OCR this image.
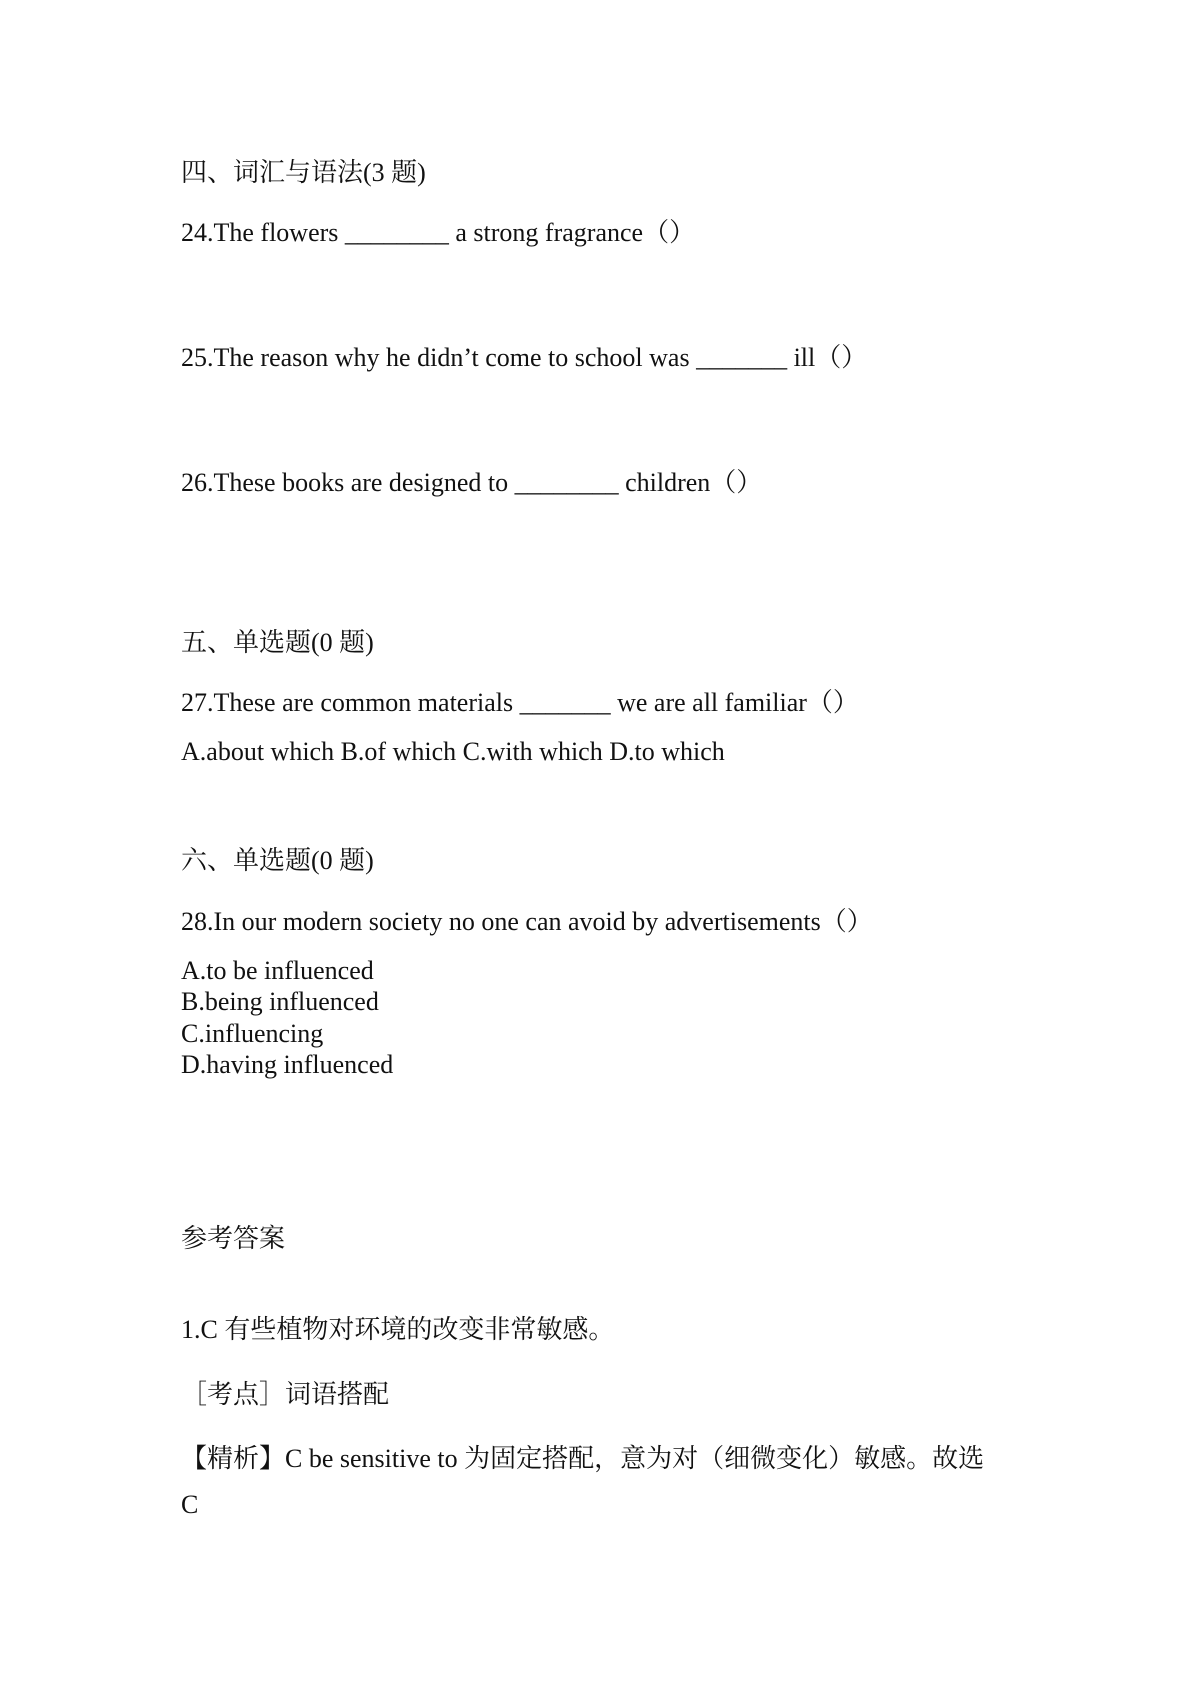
四、词汇与语法(3 题)
24.The flowers ________ a strong fragrance（）
25.The reason why he didn’t come to school was _______ ill（）
26.These books are designed to ________ children（）
五、单选题(0 题)
27.These are common materials _______ we are all familiar（）
A.about which B.of which C.with which D.to which
六、单选题(0 题)
28.In our modern society no one can avoid by advertisements（）
A.to be influenced
B.being influenced
C.influencing
D.having influenced
参考答案
1.C 有些植物对环境的改变非常敏感。
［考点］词语搭配
【精析】C be sensitive to 为固定搭配，意为对（细微变化）敏感。故选
C
